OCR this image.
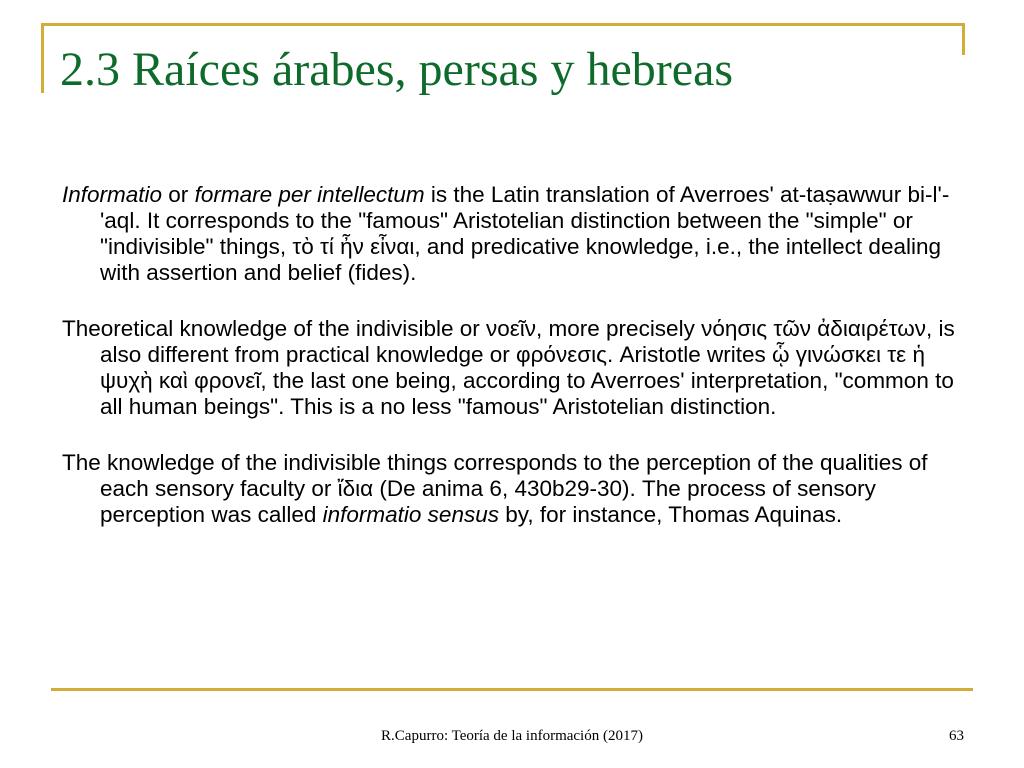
2.3 Raíces árabes, persas y hebreas

Informatio or formare per intellectum is the Latin translation of Averroes' at-taṣawwur bi-l'-'aql. It corresponds to the "famous" Aristotelian distinction between the "simple" or "indivisible" things, τὸ τί ἦν εἶναι, and predicative knowledge, i.e., the intellect dealing with assertion and belief (fides).

Theoretical knowledge of the indivisible or νοεῖν, more precisely νόησις τῶν ἀδιαιρέτων, is also different from practical knowledge or φρόνεσις. Aristotle writes ᾧ γινώσκει τε ἡ ψυχὴ καὶ φρονεῖ, the last one being, according to Averroes' interpretation, "common to all human beings". This is a no less "famous" Aristotelian distinction.

The knowledge of the indivisible things corresponds to the perception of the qualities of each sensory faculty or ἴδια (De anima 6, 430b29-30). The process of sensory perception was called informatio sensus by, for instance, Thomas Aquinas.

R.Capurro: Teoría de la información (2017)	63
